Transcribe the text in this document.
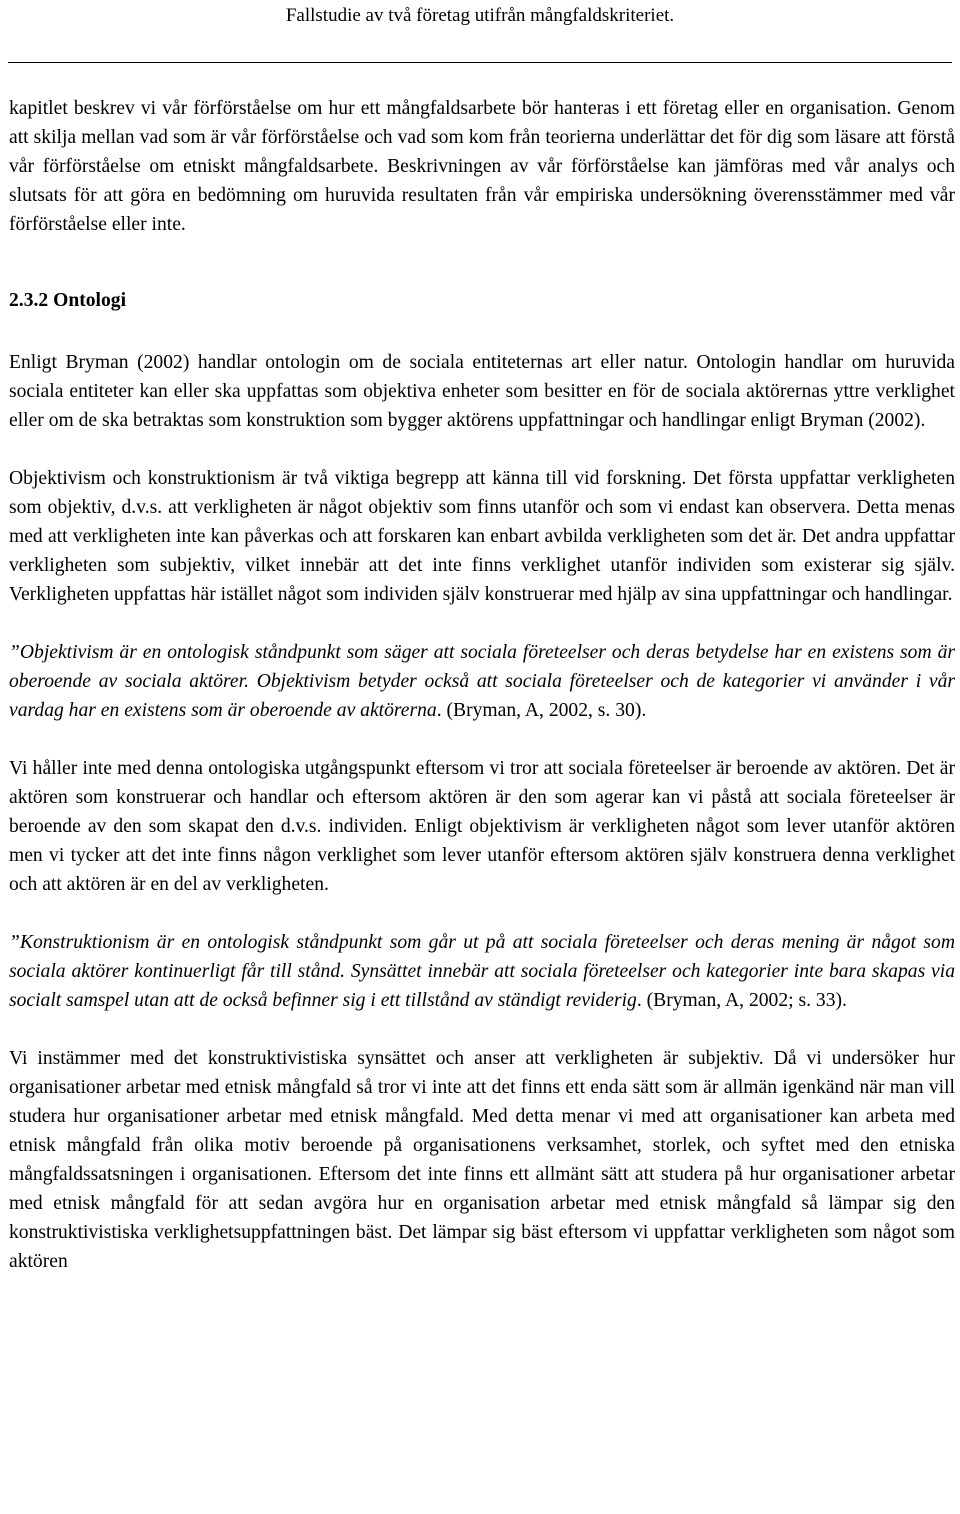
Fallstudie av två företag utifrån mångfaldskriteriet.

kapitlet beskrev vi vår förförståelse om hur ett mångfaldsarbete bör hanteras i ett företag eller en organisation. Genom att skilja mellan vad som är vår förförståelse och vad som kom från teorierna underlättar det för dig som läsare att förstå vår förförståelse om etniskt mångfaldsarbete. Beskrivningen av vår förförståelse kan jämföras med vår analys och slutsats för att göra en bedömning om huruvida resultaten från vår empiriska undersökning överensstämmer med vår förförståelse eller inte.

2.3.2 Ontologi

Enligt Bryman (2002) handlar ontologin om de sociala entiteternas art eller natur. Ontologin handlar om huruvida sociala entiteter kan eller ska uppfattas som objektiva enheter som besitter en för de sociala aktörernas yttre verklighet eller om de ska betraktas som konstruktion som bygger aktörens uppfattningar och handlingar enligt Bryman (2002).

Objektivism och konstruktionism är två viktiga begrepp att känna till vid forskning. Det första uppfattar verkligheten som objektiv, d.v.s. att verkligheten är något objektiv som finns utanför och som vi endast kan observera. Detta menas med att verkligheten inte kan påverkas och att forskaren kan enbart avbilda verkligheten som det är. Det andra uppfattar verkligheten som subjektiv, vilket innebär att det inte finns verklighet utanför individen som existerar sig själv. Verkligheten uppfattas här istället något som individen själv konstruerar med hjälp av sina uppfattningar och handlingar.

”Objektivism är en ontologisk ståndpunkt som säger att sociala företeelser och deras betydelse har en existens som är oberoende av sociala aktörer. Objektivism betyder också att sociala företeelser och de kategorier vi använder i vår vardag har en existens som är oberoende av aktörerna. (Bryman, A, 2002, s. 30).

Vi håller inte med denna ontologiska utgångspunkt eftersom vi tror att sociala företeelser är beroende av aktören. Det är aktören som konstruerar och handlar och eftersom aktören är den som agerar kan vi påstå att sociala företeelser är beroende av den som skapat den d.v.s. individen. Enligt objektivism är verkligheten något som lever utanför aktören men vi tycker att det inte finns någon verklighet som lever utanför eftersom aktören själv konstruera denna verklighet och att aktören är en del av verkligheten.

”Konstruktionism är en ontologisk ståndpunkt som går ut på att sociala företeelser och deras mening är något som sociala aktörer kontinuerligt får till stånd. Synsättet innebär att sociala företeelser och kategorier inte bara skapas via socialt samspel utan att de också befinner sig i ett tillstånd av ständigt reviderig. (Bryman, A, 2002; s. 33).

Vi instämmer med det konstruktivistiska synsättet och anser att verkligheten är subjektiv. Då vi undersöker hur organisationer arbetar med etnisk mångfald så tror vi inte att det finns ett enda sätt som är allmän igenkänd när man vill studera hur organisationer arbetar med etnisk mångfald. Med detta menar vi med att organisationer kan arbeta med etnisk mångfald från olika motiv beroende på organisationens verksamhet, storlek, och syftet med den etniska mångfaldssatsningen i organisationen. Eftersom det inte finns ett allmänt sätt att studera på hur organisationer arbetar med etnisk mångfald för att sedan avgöra hur en organisation arbetar med etnisk mångfald så lämpar sig den konstruktivistiska verklighetsuppfattningen bäst. Det lämpar sig bäst eftersom vi uppfattar verkligheten som något som aktören
